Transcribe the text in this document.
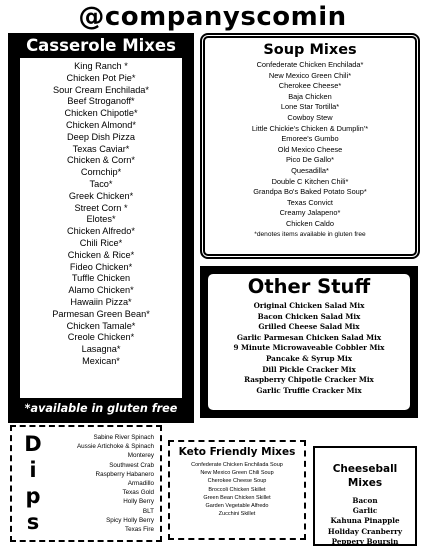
@companyscomin
Casserole Mixes
King Ranch *
Chicken Pot Pie*
Sour Cream Enchilada*
Beef Stroganoff*
Chicken Chipotle*
Chicken Almond*
Deep Dish Pizza
Texas Caviar*
Chicken & Corn*
Cornchip*
Taco*
Greek Chicken*
Street Corn *
Elotes*
Chicken Alfredo*
Chili Rice*
Chicken & Rice*
Fideo Chicken*
Tuffle Chicken
Alamo Chicken*
Hawaiin Pizza*
Parmesan Green Bean*
Chicken Tamale*
Creole Chicken*
Lasagna*
Mexican*
*available in gluten free
Soup Mixes
Confederate Chicken Enchilada*
New Mexico Green Chili*
Cherokee Cheese*
Baja Chicken
Lone Star Tortilla*
Cowboy Stew
Little Chickie's Chicken & Dumplin'*
Emoree's Gumbo
Old Mexico Cheese
Pico De Gallo*
Quesadilla*
Double C Kitchen Chili*
Grandpa Bo's Baked Potato Soup*
Texas Convict
Creamy Jalapeno*
Chicken Caldo
*denotes items available in gluten free
Other Stuff
Original Chicken Salad Mix
Bacon Chicken Salad Mix
Grilled Cheese Salad Mix
Garlic Parmesan Chicken Salad Mix
9 Minute Microwaveable Cobbler Mix
Pancake & Syrup Mix
Dill Pickle Cracker Mix
Raspberry Chipotle Cracker Mix
Garlic Truffle Cracker Mix
D
i
p
s
Sabine River Spinach
Aussie Artichoke & Spinach
Monterey
Southwest Crab
Raspberry Habanero
Armadillo
Texas Gold
Holly Berry
BLT
Spicy Holly Berry
Texas Fire
Keto Friendly Mixes
Confederate Chicken Enchilada Soup
New Mexico Green Chili Soup
Cherokee Cheese Soup
Broccoli Chicken Skillet
Green Bean Chicken Skillet
Garden Vegetable Alfredo
Zucchini Skillet
Cheeseball Mixes
Bacon
Garlic
Kahuna Pinapple
Holiday Cranberry
Peppery Boursin
